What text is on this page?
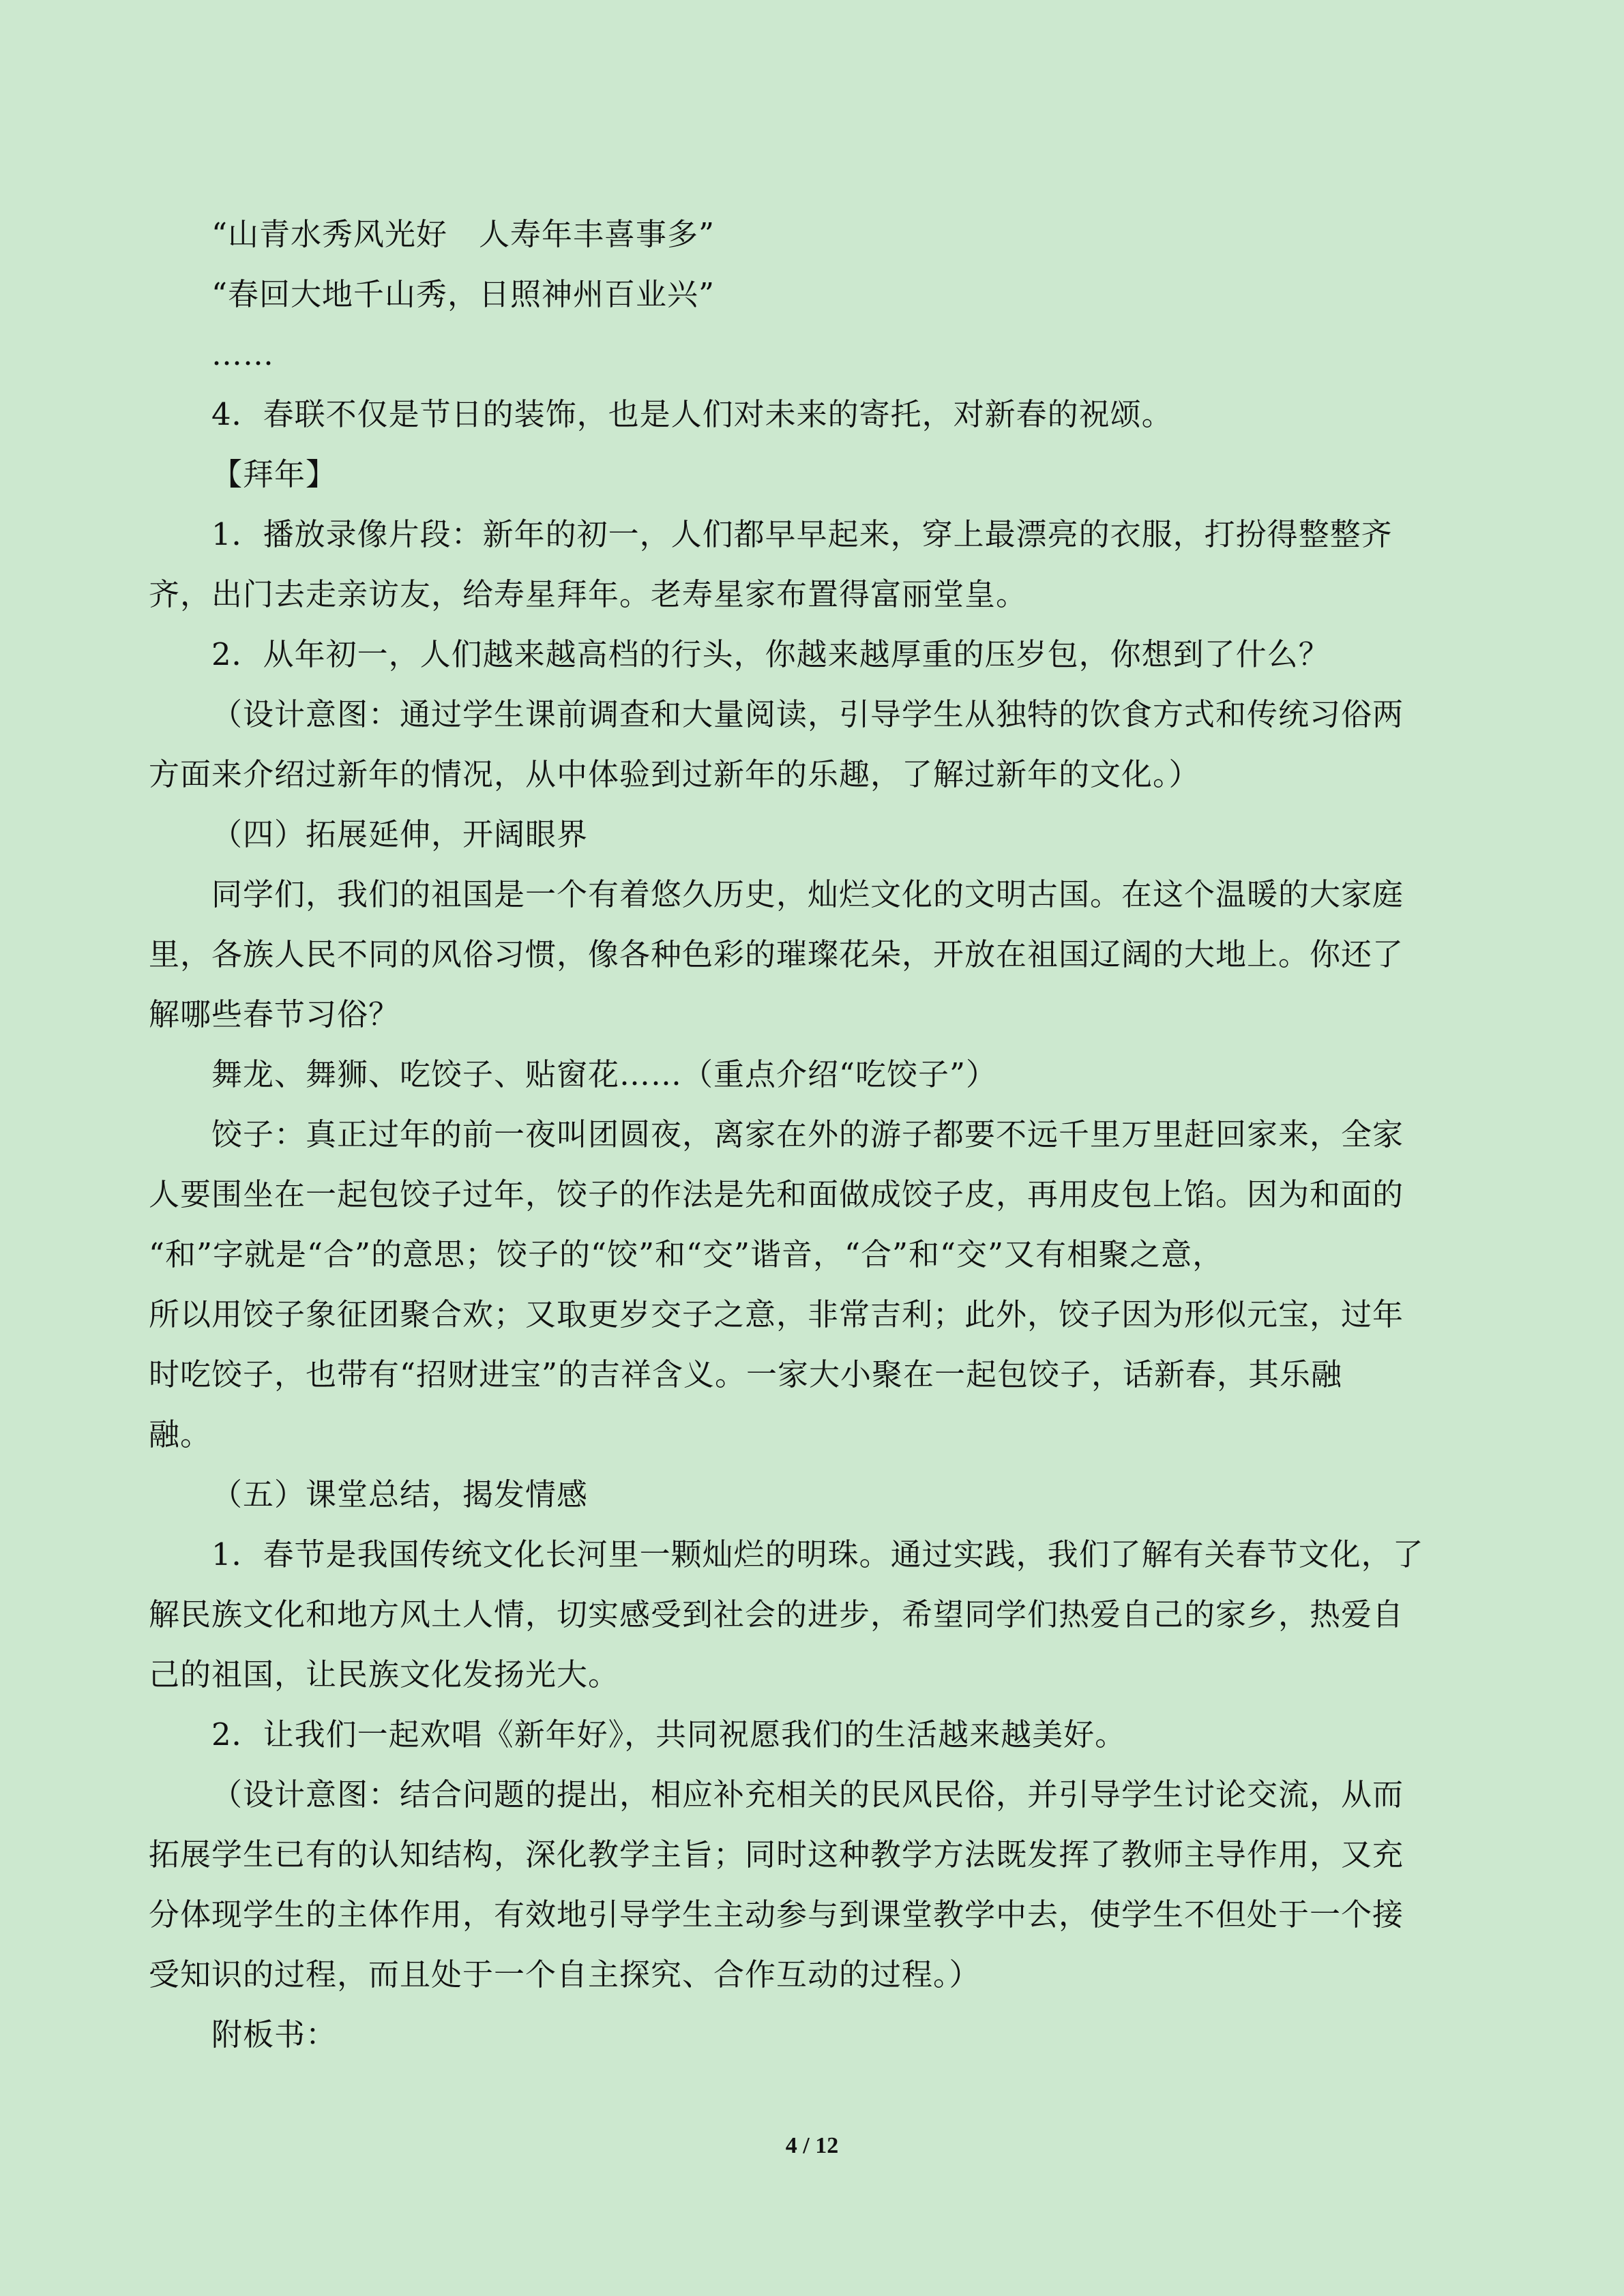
“山青水秀风光好　人寿年丰喜事多”
“春回大地千山秀，日照神州百业兴”
……
4．春联不仅是节日的装饰，也是人们对未来的寄托，对新春的祝颂。
【拜年】
1．播放录像片段：新年的初一，人们都早早起来，穿上最漂亮的衣服，打扮得整整齐
齐，出门去走亲访友，给寿星拜年。老寿星家布置得富丽堂皇。
2．从年初一，人们越来越高档的行头，你越来越厚重的压岁包，你想到了什么？
（设计意图：通过学生课前调查和大量阅读，引导学生从独特的饮食方式和传统习俗两
方面来介绍过新年的情况，从中体验到过新年的乐趣，了解过新年的文化。）
（四）拓展延伸，开阔眼界
同学们，我们的祖国是一个有着悠久历史，灿烂文化的文明古国。在这个温暖的大家庭
里，各族人民不同的风俗习惯，像各种色彩的璀璨花朵，开放在祖国辽阔的大地上。你还了
解哪些春节习俗？
舞龙、舞狮、吃饺子、贴窗花……（重点介绍“吃饺子”）
饺子：真正过年的前一夜叫团圆夜，离家在外的游子都要不远千里万里赶回家来，全家
人要围坐在一起包饺子过年，饺子的作法是先和面做成饺子皮，再用皮包上馅。因为和面的
“和”字就是“合”的意思；饺子的“饺”和“交”谐音，“合”和“交”又有相聚之意，
所以用饺子象征团聚合欢；又取更岁交子之意，非常吉利；此外，饺子因为形似元宝，过年
时吃饺子，也带有“招财进宝”的吉祥含义。一家大小聚在一起包饺子，话新春，其乐融
融。
（五）课堂总结，揭发情感
1．春节是我国传统文化长河里一颗灿烂的明珠。通过实践，我们了解有关春节文化，了
解民族文化和地方风土人情，切实感受到社会的进步，希望同学们热爱自己的家乡，热爱自
己的祖国，让民族文化发扬光大。
2．让我们一起欢唱《新年好》，共同祝愿我们的生活越来越美好。
（设计意图：结合问题的提出，相应补充相关的民风民俗，并引导学生讨论交流，从而
拓展学生已有的认知结构，深化教学主旨；同时这种教学方法既发挥了教师主导作用，又充
分体现学生的主体作用，有效地引导学生主动参与到课堂教学中去，使学生不但处于一个接
受知识的过程，而且处于一个自主探究、合作互动的过程。）
附板书：
4 / 12
